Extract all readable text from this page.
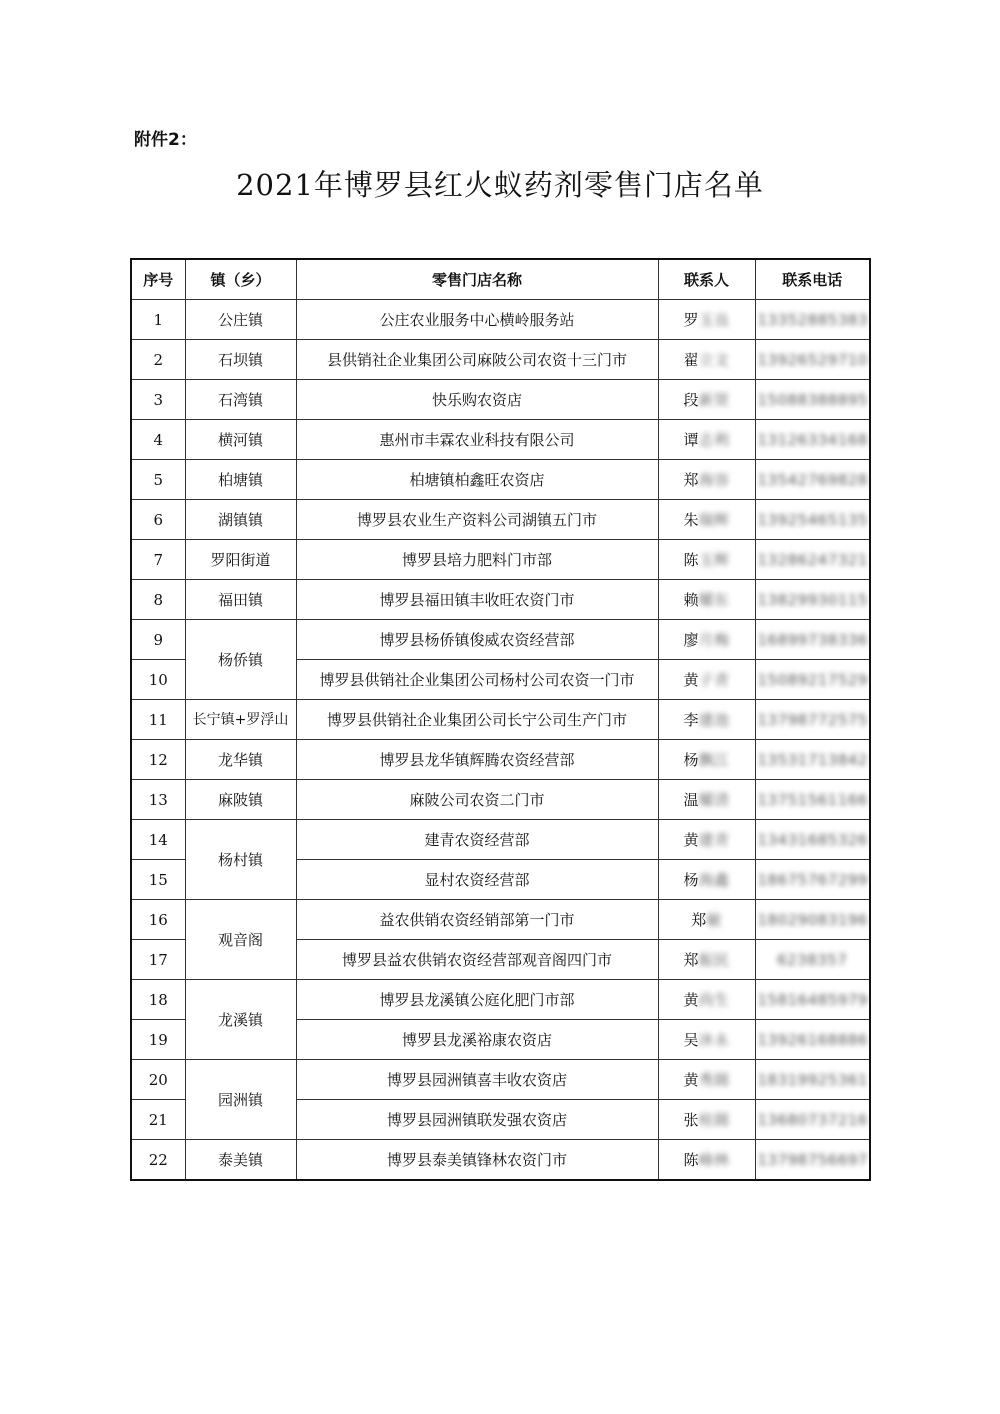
附件2：
2021年博罗县红火蚁药剂零售门店名单
序号	镇（乡）	零售门店名称	联系人	联系电话
1	公庄镇	公庄农业服务中心横岭服务站	罗玉良	13352885383
2	石坝镇	县供销社企业集团公司麻陂公司农资十三门市	翟立文	13926529710
3	石湾镇	快乐购农资店	段新贤	15088388895
4	横河镇	惠州市丰霖农业科技有限公司	谭志利	13126334168
5	柏塘镇	柏塘镇柏鑫旺农资店	郑海容	13542769828
6	湖镇镇	博罗县农业生产资料公司湖镇五门市	朱瑞辉	13925465135
7	罗阳街道	博罗县培力肥料门市部	陈玉辉	13286247321
8	福田镇	博罗县福田镇丰收旺农资门市	赖耀东	13829930115
9	杨侨镇	博罗县杨侨镇俊威农资经营部	廖月梅	16899738336
10		博罗县供销社企业集团公司杨村公司农资一门市	黄子青	15089217529
11	长宁镇+罗浮山	博罗县供销社企业集团公司长宁公司生产门市	李建池	13798772575
12	龙华镇	博罗县龙华镇辉腾农资经营部	杨飘江	13531713842
13	麻陂镇	麻陂公司农资二门市	温耀清	13751561166
14	杨村镇	建青农资经营部	黄建青	13431685326
15		显村农资经营部	杨海鑫	18675767299
16	观音阁	益农供销农资经销部第一门市	郑敏	18029083196
17		博罗县益农供销农资经营部观音阁四门市	郑振民	6238357
18	龙溪镇	博罗县龙溪镇公庭化肥门市部	黄尚生	15816485979
19		博罗县龙溪裕康农资店	吴沐永	13926168886
20	园洲镇	博罗县园洲镇喜丰收农资店	黄秀圆	18319925361
21		博罗县园洲镇联发强农资店	张桂圆	13680737216
22	泰美镇	博罗县泰美镇锋林农资门市	陈峰林	13798756697
